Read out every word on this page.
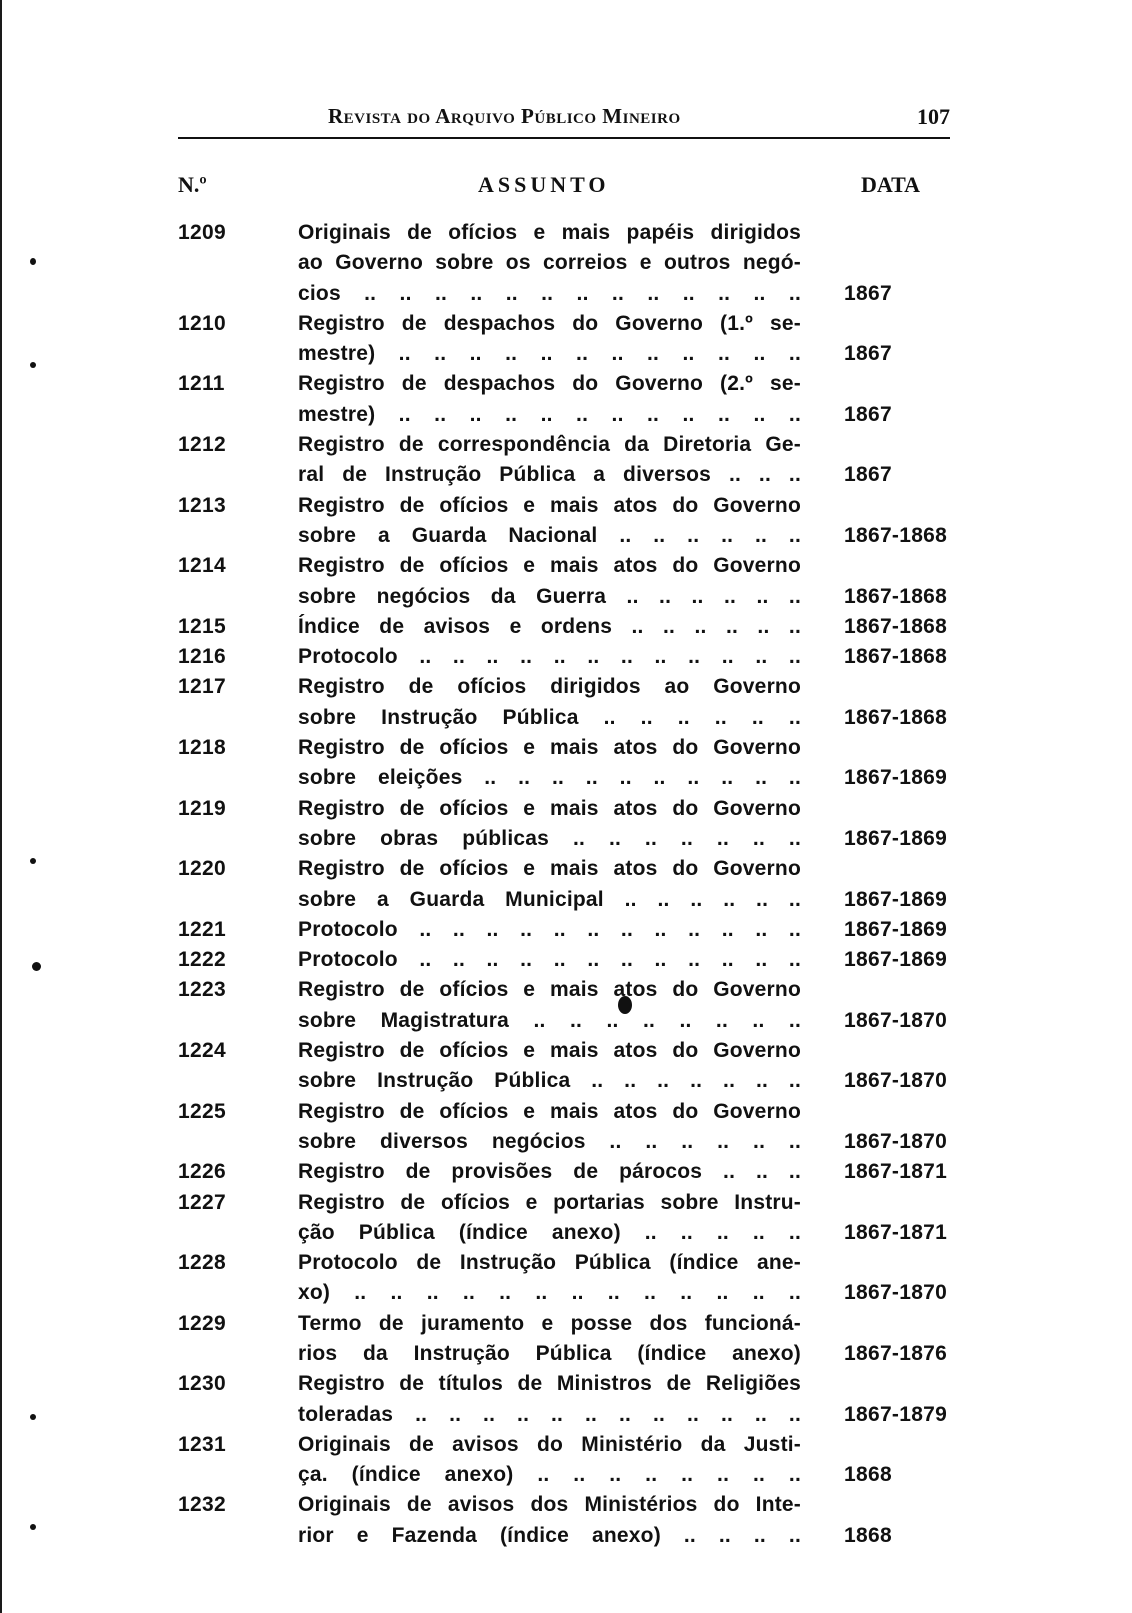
Revista do Arquivo Público Mineiro	107
N.º	ASSUNTO	DATA
1209	Originais de ofícios e mais papéis dirigidos
ao Governo sobre os correios e outros negó-
cios .. .. .. .. .. .. .. .. .. .. .. .. ..	1867
1210	Registro de despachos do Governo (1.º se-
mestre) .. .. .. .. .. .. .. .. .. .. .. ..	1867
1211	Registro de despachos do Governo (2.º se-
mestre) .. .. .. .. .. .. .. .. .. .. .. ..	1867
1212	Registro de correspondência da Diretoria Ge-
ral de Instrução Pública a diversos .. .. ..	1867
1213	Registro de ofícios e mais atos do Governo
sobre a Guarda Nacional .. .. .. .. .. ..	1867-1868
1214	Registro de ofícios e mais atos do Governo
sobre negócios da Guerra .. .. .. .. .. ..	1867-1868
1215	Índice de avisos e ordens .. .. .. .. .. ..	1867-1868
1216	Protocolo .. .. .. .. .. .. .. .. .. .. .. ..	1867-1868
1217	Registro de ofícios dirigidos ao Governo
sobre Instrução Pública .. .. .. .. .. ..	1867-1868
1218	Registro de ofícios e mais atos do Governo
sobre eleições .. .. .. .. .. .. .. .. .. ..	1867-1869
1219	Registro de ofícios e mais atos do Governo
sobre obras públicas .. .. .. .. .. .. ..	1867-1869
1220	Registro de ofícios e mais atos do Governo
sobre a Guarda Municipal .. .. .. .. .. ..	1867-1869
1221	Protocolo .. .. .. .. .. .. .. .. .. .. .. ..	1867-1869
1222	Protocolo .. .. .. .. .. .. .. .. .. .. .. ..	1867-1869
1223	Registro de ofícios e mais atos do Governo
sobre Magistratura .. .. .. .. .. .. .. ..	1867-1870
1224	Registro de ofícios e mais atos do Governo
sobre Instrução Pública .. .. .. .. .. .. ..	1867-1870
1225	Registro de ofícios e mais atos do Governo
sobre diversos negócios .. .. .. .. .. ..	1867-1870
1226	Registro de provisões de párocos .. .. ..	1867-1871
1227	Registro de ofícios e portarias sobre Instru-
ção Pública (índice anexo) .. .. .. .. ..	1867-1871
1228	Protocolo de Instrução Pública (índice ane-
xo) .. .. .. .. .. .. .. .. .. .. .. .. ..	1867-1870
1229	Termo de juramento e posse dos funcioná-
rios da Instrução Pública (índice anexo)	1867-1876
1230	Registro de títulos de Ministros de Religiões
toleradas .. .. .. .. .. .. .. .. .. .. .. ..	1867-1879
1231	Originais de avisos do Ministério da Justi-
ça. (índice anexo) .. .. .. .. .. .. .. ..	1868
1232	Originais de avisos dos Ministérios do Inte-
rior e Fazenda (índice anexo) .. .. .. ..	1868
